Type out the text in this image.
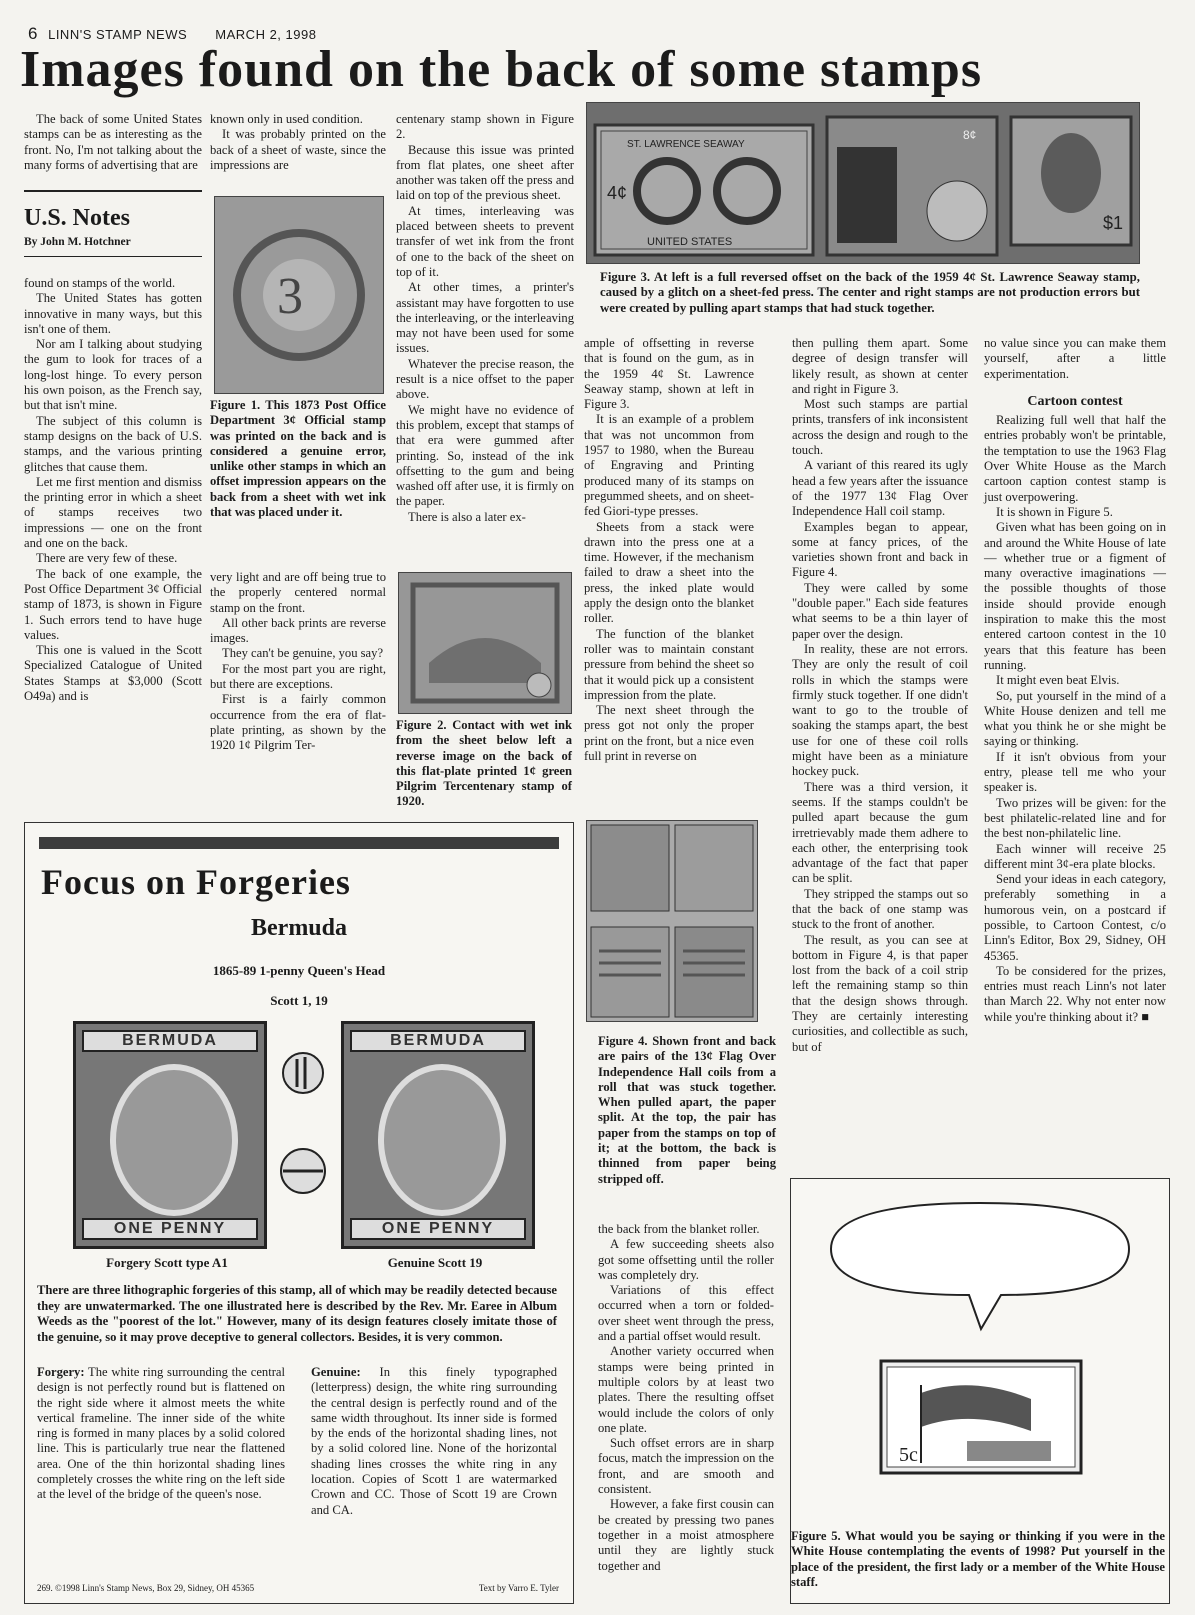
6 LINN'S STAMP NEWS MARCH 2, 1998
Images found on the back of some stamps

The back of some United States stamps can be as interesting as the front. No, I'm not talking about the many forms of advertising that are

U.S. Notes
By John M. Hotchner

found on stamps of the world.

The United States has gotten innovative in many ways, but this isn't one of them.

Nor am I talking about studying the gum to look for traces of a long-lost hinge. To every person his own poison, as the French say, but that isn't mine.

The subject of this column is stamp designs on the back of U.S. stamps, and the various printing glitches that cause them.

Let me first mention and dismiss the printing error in which a sheet of stamps receives two impressions — one on the front and one on the back.

There are very few of these.

The back of one example, the Post Office Department 3¢ Official stamp of 1873, is shown in Figure 1. Such errors tend to have huge values.

This one is valued in the Scott Specialized Catalogue of United States Stamps at $3,000 (Scott O49a) and is

known only in used condition.

It was probably printed on the back of a sheet of waste, since the impressions are

3
Figure 1. This 1873 Post Office Department 3¢ Official stamp was printed on the back and is considered a genuine error, unlike other stamps in which an offset impression appears on the back from a sheet with wet ink that was placed under it.

very light and are off being true to the properly centered normal stamp on the front.

All other back prints are reverse images.

They can't be genuine, you say?

For the most part you are right, but there are exceptions.

First is a fairly common occurrence from the era of flat-plate printing, as shown by the 1920 1¢ Pilgrim Ter-

centenary stamp shown in Figure 2.

Because this issue was printed from flat plates, one sheet after another was taken off the press and laid on top of the previous sheet.

At times, interleaving was placed between sheets to prevent transfer of wet ink from the front of one to the back of the sheet on top of it.

At other times, a printer's assistant may have forgotten to use the interleaving, or the interleaving may not have been used for some issues.

Whatever the precise reason, the result is a nice offset to the paper above.

We might have no evidence of this problem, except that stamps of that era were gummed after printing. So, instead of the ink offsetting to the gum and being washed off after use, it is firmly on the paper.

There is also a later ex-

Figure 2. Contact with wet ink from the sheet below left a reverse image on the back of this flat-plate printed 1¢ green Pilgrim Tercentenary stamp of 1920.
ST. LAWRENCE SEAWAY
UNITED STATES
4¢
8¢
$1
Figure 3. At left is a full reversed offset on the back of the 1959 4¢ St. Lawrence Seaway stamp, caused by a glitch on a sheet-fed press. The center and right stamps are not production errors but were created by pulling apart stamps that had stuck together.

ample of offsetting in reverse that is found on the gum, as in the 1959 4¢ St. Lawrence Seaway stamp, shown at left in Figure 3.

It is an example of a problem that was not uncommon from 1957 to 1980, when the Bureau of Engraving and Printing produced many of its stamps on pregummed sheets, and on sheet-fed Giori-type presses.

Sheets from a stack were drawn into the press one at a time. However, if the mechanism failed to draw a sheet into the press, the inked plate would apply the design onto the blanket roller.

The function of the blanket roller was to maintain constant pressure from behind the sheet so that it would pick up a consistent impression from the plate.

The next sheet through the press got not only the proper print on the front, but a nice even full print in reverse on

Figure 4. Shown front and back are pairs of the 13¢ Flag Over Independence Hall coils from a roll that was stuck together. When pulled apart, the paper split. At the top, the pair has paper from the stamps on top of it; at the bottom, the back is thinned from paper being stripped off.

the back from the blanket roller.

A few succeeding sheets also got some offsetting until the roller was completely dry.

Variations of this effect occurred when a torn or folded-over sheet went through the press, and a partial offset would result.

Another variety occurred when stamps were being printed in multiple colors by at least two plates. There the resulting offset would include the colors of only one plate.

Such offset errors are in sharp focus, match the impression on the front, and are smooth and consistent.

However, a fake first cousin can be created by pressing two panes together in a moist atmosphere until they are lightly stuck together and

then pulling them apart. Some degree of design transfer will likely result, as shown at center and right in Figure 3.

Most such stamps are partial prints, transfers of ink inconsistent across the design and rough to the touch.

A variant of this reared its ugly head a few years after the issuance of the 1977 13¢ Flag Over Independence Hall coil stamp.

Examples began to appear, some at fancy prices, of the varieties shown front and back in Figure 4.

They were called by some "double paper." Each side features what seems to be a thin layer of paper over the design.

In reality, these are not errors. They are only the result of coil rolls in which the stamps were firmly stuck together. If one didn't want to go to the trouble of soaking the stamps apart, the best use for one of these coil rolls might have been as a miniature hockey puck.

There was a third version, it seems. If the stamps couldn't be pulled apart because the gum irretrievably made them adhere to each other, the enterprising took advantage of the fact that paper can be split.

They stripped the stamps out so that the back of one stamp was stuck to the front of another.

The result, as you can see at bottom in Figure 4, is that paper lost from the back of a coil strip left the remaining stamp so thin that the design shows through. They are certainly interesting curiosities, and collectible as such, but of

no value since you can make them yourself, after a little experimentation.

Cartoon contest

Realizing full well that half the entries probably won't be printable, the temptation to use the 1963 Flag Over White House as the March cartoon caption contest stamp is just overpowering.

It is shown in Figure 5.

Given what has been going on in and around the White House of late — whether true or a figment of many overactive imaginations — the possible thoughts of those inside should provide enough inspiration to make this the most entered cartoon contest in the 10 years that this feature has been running.

It might even beat Elvis.

So, put yourself in the mind of a White House denizen and tell me what you think he or she might be saying or thinking.

If it isn't obvious from your entry, please tell me who your speaker is.

Two prizes will be given: for the best philatelic-related line and for the best non-philatelic line.

Each winner will receive 25 different mint 3¢-era plate blocks.

Send your ideas in each category, preferably something in a humorous vein, on a postcard if possible, to Cartoon Contest, c/o Linn's Editor, Box 29, Sidney, OH 45365.

To be considered for the prizes, entries must reach Linn's not later than March 22. Why not enter now while you're thinking about it? ■

5c
Figure 5. What would you be saying or thinking if you were in the White House contemplating the events of 1998? Put yourself in the place of the president, the first lady or a member of the White House staff.
Focus on Forgeries
Bermuda
1865-89 1-penny Queen's Head
Scott 1, 19
BERMUDA
ONE PENNY
BERMUDA
ONE PENNY
Forgery Scott type A1	Genuine Scott 19
There are three lithographic forgeries of this stamp, all of which may be readily detected because they are unwatermarked. The one illustrated here is described by the Rev. Mr. Earee in Album Weeds as the "poorest of the lot." However, many of its design features closely imitate those of the genuine, so it may prove deceptive to general collectors. Besides, it is very common.
Forgery: The white ring surrounding the central design is not perfectly round but is flattened on the right side where it almost meets the white vertical frameline. The inner side of the white ring is formed in many places by a solid colored line. This is particularly true near the flattened area. One of the thin horizontal shading lines completely crosses the white ring on the left side at the level of the bridge of the queen's nose.
Genuine: In this finely typographed (letterpress) design, the white ring surrounding the central design is perfectly round and of the same width throughout. Its inner side is formed by the ends of the horizontal shading lines, not by a solid colored line. None of the horizontal shading lines crosses the white ring in any location. Copies of Scott 1 are watermarked Crown and CC. Those of Scott 19 are Crown and CA.
269. ©1998 Linn's Stamp News, Box 29, Sidney, OH 45365	Text by Varro E. Tyler
